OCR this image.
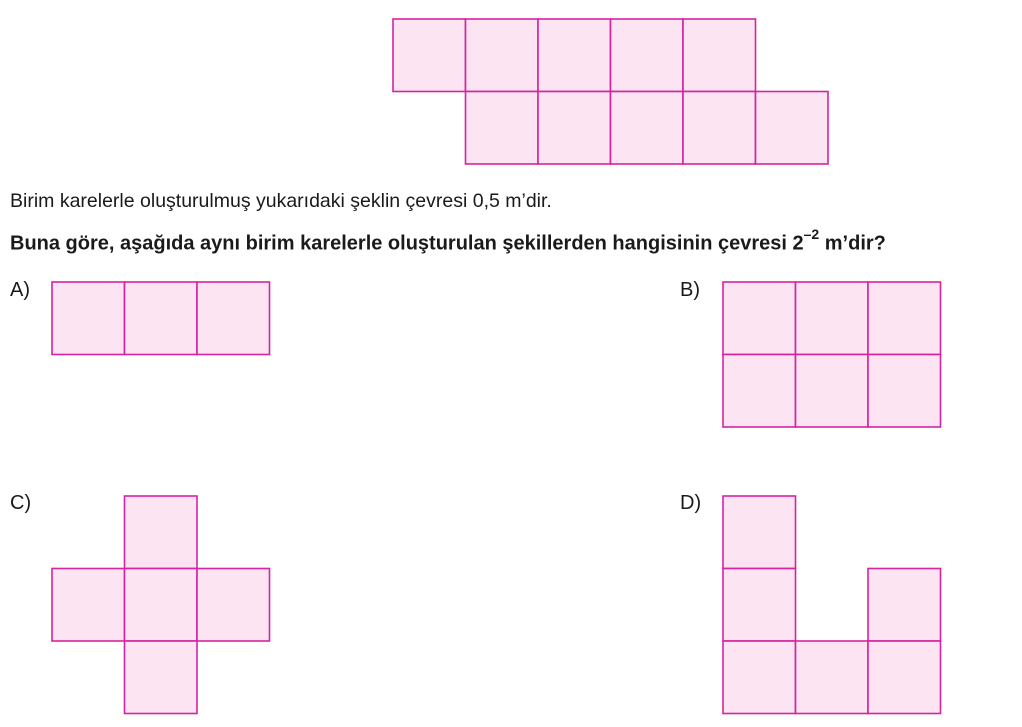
Birim karelerle oluşturulmuş yukarıdaki şeklin çevresi 0,5 m’dir.

Buna göre, aşağıda aynı birim karelerle oluşturulan şekillerden hangisinin çevresi $2^{-2}$ m’dir?

A)	B)
C)	D)
